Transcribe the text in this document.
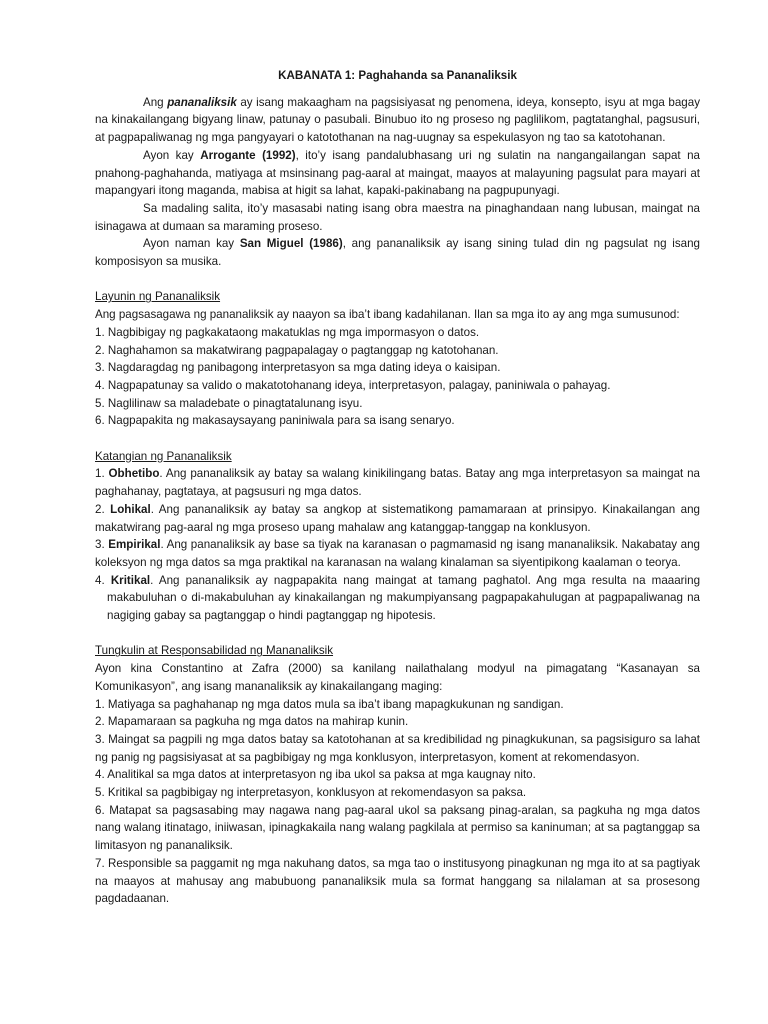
KABANATA 1: Paghahanda sa Pananaliksik

Ang pananaliksik ay isang makaagham na pagsisiyasat ng penomena, ideya, konsepto, isyu at mga bagay na kinakailangang bigyang linaw, patunay o pasubali. Binubuo ito ng proseso ng paglilikom, pagtatanghal, pagsusuri, at pagpapaliwanag ng mga pangyayari o katotothanan na nag-uugnay sa espekulasyon ng tao sa katotohanan.

Ayon kay Arrogante (1992), ito’y isang pandalubhasang uri ng sulatin na nangangailangan sapat na pnahong-paghahanda, matiyaga at msinsinang pag-aaral at maingat, maayos at malayuning pagsulat para mayari at mapangyari itong maganda, mabisa at higit sa lahat, kapaki-pakinabang na pagpupunyagi.

Sa madaling salita, ito’y masasabi nating isang obra maestra na pinaghandaan nang lubusan, maingat na isinagawa at dumaan sa maraming proseso.

Ayon naman kay San Miguel (1986), ang pananaliksik ay isang sining tulad din ng pagsulat ng isang komposisyon sa musika.

Layunin ng Pananaliksik

Ang pagsasagawa ng pananaliksik ay naayon sa iba’t ibang kadahilanan. Ilan sa mga ito ay ang mga sumusunod:

1. Nagbibigay ng pagkakataong makatuklas ng mga impormasyon o datos.

2. Naghahamon sa makatwirang pagpapalagay o pagtanggap ng katotohanan.

3. Nagdaragdag ng panibagong interpretasyon sa mga dating ideya o kaisipan.

4. Nagpapatunay sa valido o makatotohanang ideya, interpretasyon, palagay, paniniwala o pahayag.

5. Naglilinaw sa maladebate o pinagtatalunang isyu.

6. Nagpapakita ng makasaysayang paniniwala para sa isang senaryo.

Katangian ng Pananaliksik

1. Obhetibo. Ang pananaliksik ay batay sa walang kinikilingang batas. Batay ang mga interpretasyon sa maingat na paghahanay, pagtataya, at pagsusuri ng mga datos.

2. Lohikal. Ang pananaliksik ay batay sa angkop at sistematikong pamamaraan at prinsipyo. Kinakailangan ang makatwirang pag-aaral ng mga proseso upang mahalaw ang katanggap-tanggap na konklusyon.

3. Empirikal. Ang pananaliksik ay base sa tiyak na karanasan o pagmamasid ng isang mananaliksik. Nakabatay ang koleksyon ng mga datos sa mga praktikal na karanasan na walang kinalaman sa siyentipikong kaalaman o teorya.

4. Kritikal. Ang pananaliksik ay nagpapakita nang maingat at tamang paghatol. Ang mga resulta na maaaring makabuluhan o di-makabuluhan ay kinakailangan ng makumpiyansang pagpapakahulugan at pagpapaliwanag na nagiging gabay sa pagtanggap o hindi pagtanggap ng hipotesis.

Tungkulin at Responsabilidad ng Mananaliksik

Ayon kina Constantino at Zafra (2000) sa kanilang nailathalang modyul na pimagatang “Kasanayan sa Komunikasyon”, ang isang mananaliksik ay kinakailangang maging:

1. Matiyaga sa paghahanap ng mga datos mula sa iba’t ibang mapagkukunan ng sandigan.

2. Mapamaraan sa pagkuha ng mga datos na mahirap kunin.

3. Maingat sa pagpili ng mga datos batay sa katotohanan at sa kredibilidad ng pinagkukunan, sa pagsisiguro sa lahat ng panig ng pagsisiyasat at sa pagbibigay ng mga konklusyon, interpretasyon, koment at rekomendasyon.

4. Analitikal sa mga datos at interpretasyon ng iba ukol sa paksa at mga kaugnay nito.

5. Kritikal sa pagbibigay ng interpretasyon, konklusyon at rekomendasyon sa paksa.

6. Matapat sa pagsasabing may nagawa nang pag-aaral ukol sa paksang pinag-aralan, sa pagkuha ng mga datos nang walang itinatago, iniiwasan, ipinagkakaila nang walang pagkilala at permiso sa kaninuman; at sa pagtanggap sa limitasyon ng pananaliksik.

7. Responsible sa paggamit ng mga nakuhang datos, sa mga tao o institusyong pinagkunan ng mga ito at sa pagtiyak na maayos at mahusay ang mabubuong pananaliksik mula sa format hanggang sa nilalaman at sa prosesong pagdadaanan.
